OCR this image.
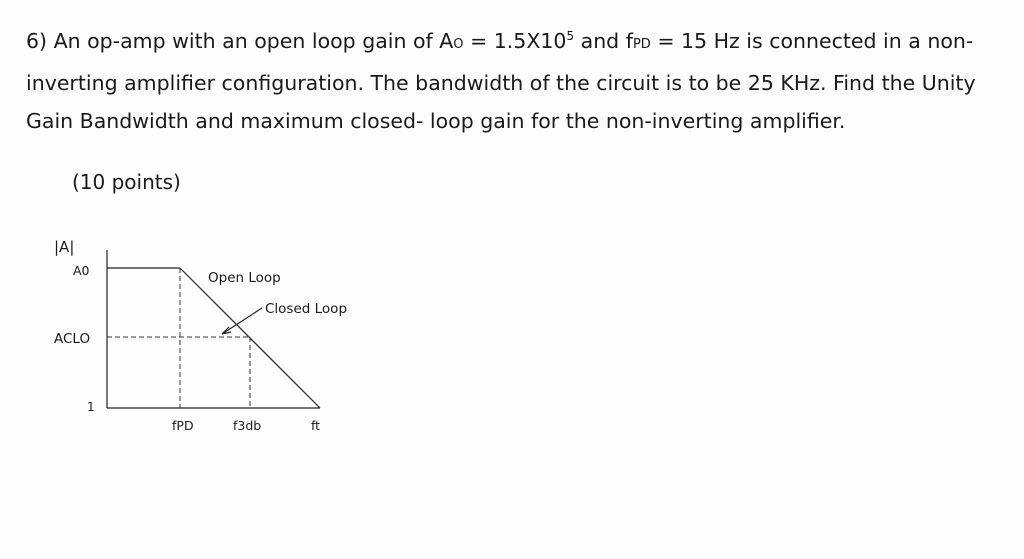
6) An op-amp with an open loop gain of AO = $1.5X10^5$ and fPD = 15 Hz is connected in a non-
inverting amplifier configuration. The bandwidth of the circuit is to be 25 KHz. Find the Unity
Gain Bandwidth and maximum closed- loop gain for the non-inverting amplifier.
(10 points)
|A|
A0
ACLO
1
fPD	f3db	ft
Open Loop
Closed Loop
